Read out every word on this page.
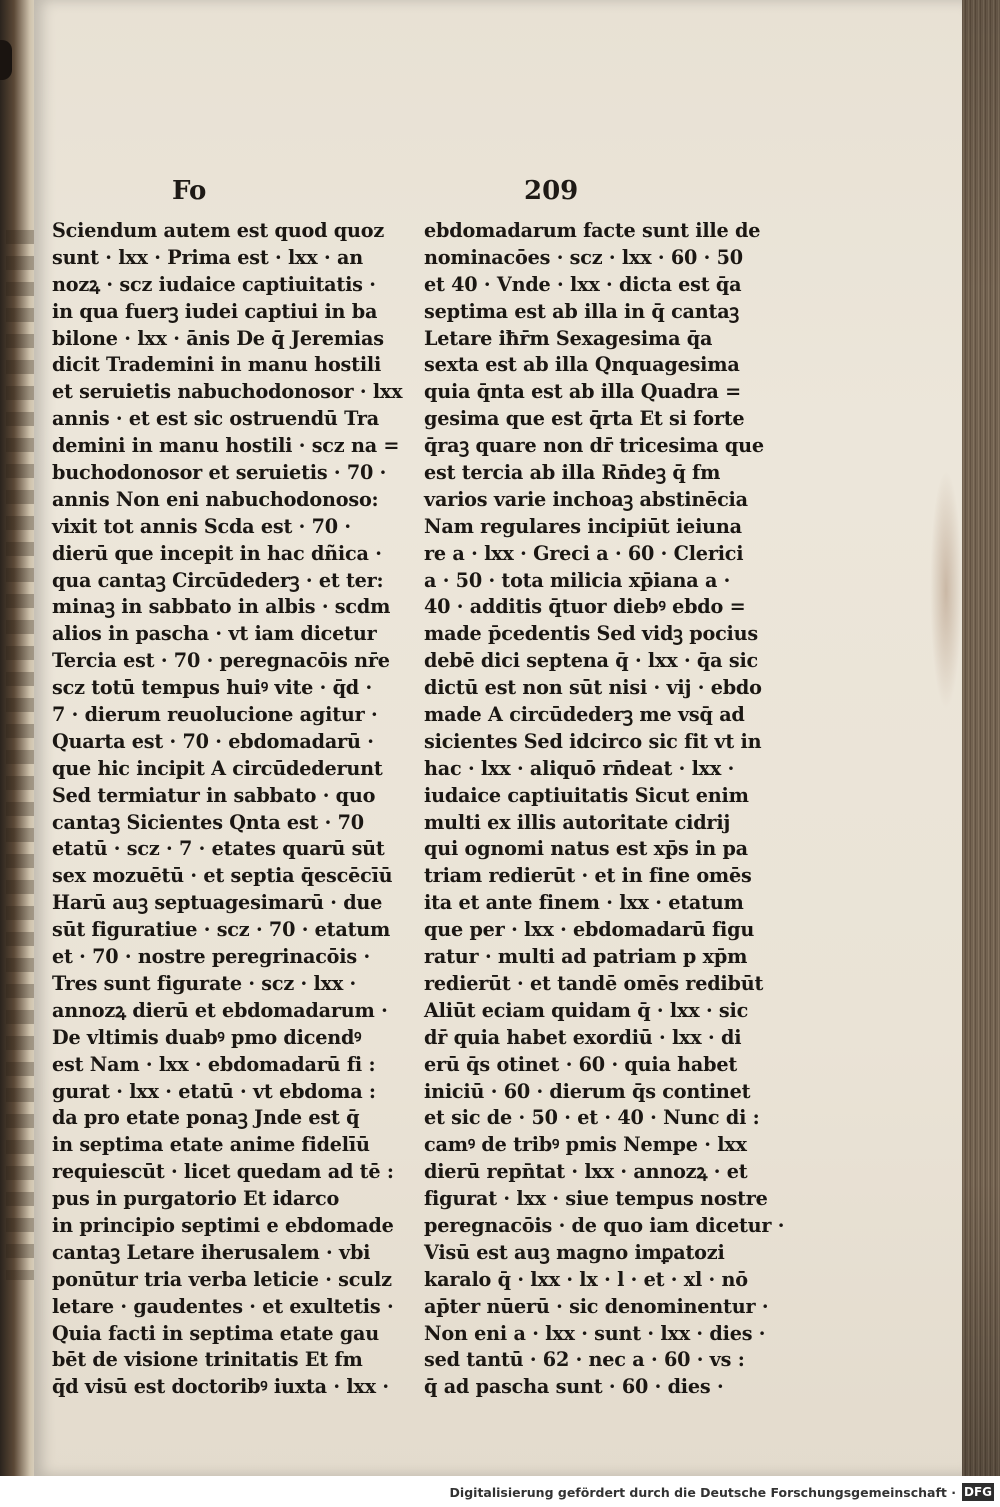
Fo	209
Sciendum autem est quod quoz
sunt · lxx · Prima est · lxx · an
nozꝝ · scz iudaice captiuitatis ·
in qua fuerꝫ iudei captiui in ba
bilone · lxx · ānis De q̄ Jeremias
dicit Trademini in manu hostili
et seruietis nabuchodonosor · lxx
annis · et est sic ostruendū Tra
demini in manu hostili · scz na =
buchodonosor et seruietis · 70 ·
annis Non eni nabuchodonoso:
vixit tot annis Scda est · 70 ·
dierū que incepit in hac dñica ·
qua cantaꝫ Circūdederꝫ · et ter:
minaꝫ in sabbato in albis · scdm
alios in pascha · vt iam dicetur
Tercia est · 70 · peregnacōis nr̄e
scz totū tempus huiꝰ vite · q̄d ·
7 · dierum reuolucione agitur ·
Quarta est · 70 · ebdomadarū ·
que hic incipit A circūdederunt
Sed termiatur in sabbato · quo
cantaꝫ Sicientes Qnta est · 70
etatū · scz · 7 · etates quarū sūt
sex mozuētū · et septia q̄escēcīū
Harū auꝫ septuagesimarū · due
sūt figuratiue · scz · 70 · etatum
et · 70 · nostre peregrinacōis ·
Tres sunt figurate · scz · lxx ·
annozꝝ dierū et ebdomadarum ·
De vltimis duabꝰ pmo dicendꝰ
est Nam · lxx · ebdomadarū fi :
gurat · lxx · etatū · vt ebdoma :
da pro etate ponaꝫ Jnde est q̄
in septima etate anime fidelīū
requiescūt · licet quedam ad tē :
pus in purgatorio Et idarco
in principio septimi e ebdomade
cantaꝫ Letare iherusalem · vbi
ponūtur tria verba leticie · sculz
letare · gaudentes · et exultetis ·
Quia facti in septima etate gau
bēt de visione trinitatis Et fm
q̄d visū est doctoribꝰ iuxta · lxx ·
ebdomadarum facte sunt ille de
nominacōes · scz · lxx · 60 · 50
et 40 · Vnde · lxx · dicta est q̄a
septima est ab illa in q̄ cantaꝫ
Letare iħr̄m Sexagesima q̄a
sexta est ab illa Qnquagesima
quia q̄nta est ab illa Quadra =
gesima que est q̄rta Et si forte
q̄raꝫ quare non dr̄ tricesima que
est tercia ab illa Rn̄deꝫ q̄ fm
varios varie inchoaꝫ abstinēcia
Nam regulares incipiūt ieiuna
re a · lxx · Greci a · 60 · Clerici
a · 50 · tota milicia xp̄iana a ·
40 · additis q̄tuor diebꝰ ebdo =
made p̄cedentis Sed vidꝫ pocius
debē dici septena q̄ · lxx · q̄a sic
dictū est non sūt nisi · vij · ebdo
made A circūdederꝫ me vsq̄ ad
sicientes Sed idcirco sic fit vt in
hac · lxx · aliquō rn̄deat · lxx ·
iudaice captiuitatis Sicut enim
multi ex illis autoritate cidrij
qui ognomi natus est xp̄s in pa
triam redierūt · et in fine omēs
ita et ante finem · lxx · etatum
que per · lxx · ebdomadarū figu
ratur · multi ad patriam p xp̄m
redierūt · et tandē omēs redibūt
Aliūt eciam quidam q̄ · lxx · sic
dr̄ quia habet exordiū · lxx · di
erū q̄s otinet · 60 · quia habet
iniciū · 60 · dierum q̄s continet
et sic de · 50 · et · 40 · Nunc di :
camꝰ de tribꝰ pmis Nempe · lxx
dierū repn̄tat · lxx · annozꝝ · et
figurat · lxx · siue tempus nostre
peregnacōis · de quo iam dicetur ·
Visū est auꝫ magno imꝑatozi
karalo q̄ · lxx · lx · l · et · xl · nō
ap̄ter nūerū · sic denominentur ·
Non eni a · lxx · sunt · lxx · dies ·
sed tantū · 62 · nec a · 60 · vs :
q̄ ad pascha sunt · 60 · dies ·
Digitalisierung gefördert durch die Deutsche Forschungsgemeinschaft · DFG
